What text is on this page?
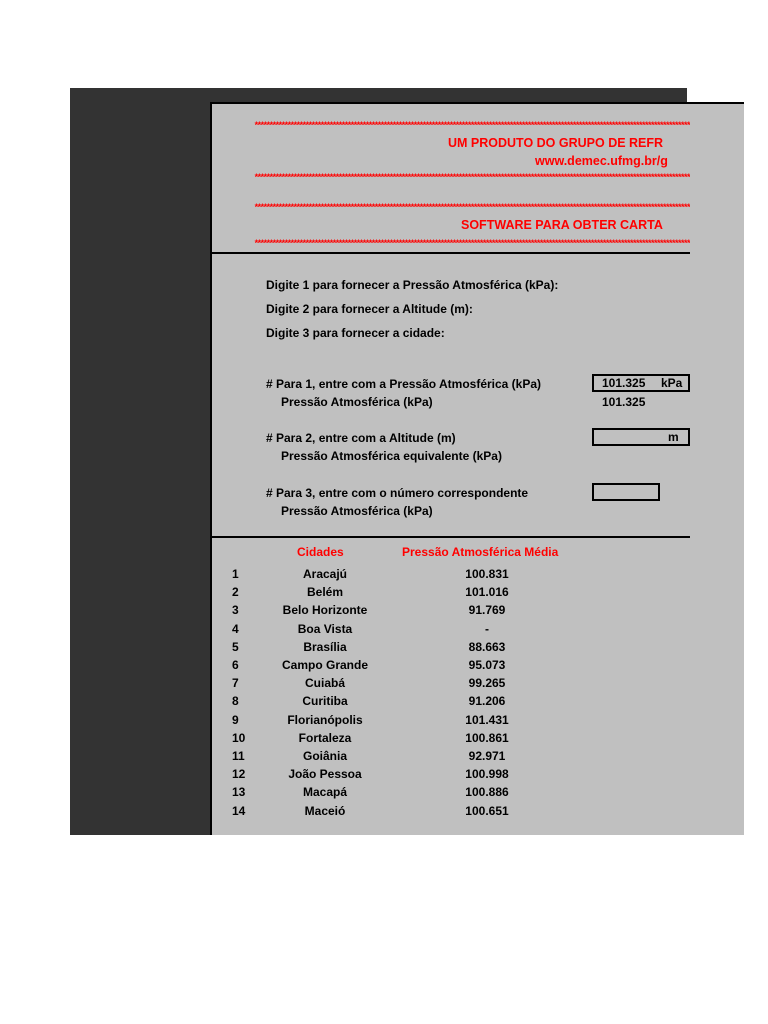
*************************************************************************************************************************************************
UM PRODUTO DO GRUPO DE REFR
www.demec.ufmg.br/g
*************************************************************************************************************************************************
*************************************************************************************************************************************************
SOFTWARE PARA OBTER CARTA
*************************************************************************************************************************************************
Digite 1 para fornecer a Pressão Atmosférica (kPa):
Digite 2 para fornecer a Altitude (m):
Digite 3 para fornecer a cidade:
# Para 1, entre com a Pressão Atmosférica (kPa)
Pressão Atmosférica (kPa)
101.325 kPa
101.325
# Para 2, entre com a Altitude (m)
Pressão Atmosférica equivalente (kPa)
m
# Para 3, entre com o número correspondente
Pressão Atmosférica (kPa)
Cidades	Pressão Atmosférica Média
1	Aracajú	100.831
2	Belém	101.016
3	Belo Horizonte	91.769
4	Boa Vista	-
5	Brasília	88.663
6	Campo Grande	95.073
7	Cuiabá	99.265
8	Curitiba	91.206
9	Florianópolis	101.431
10	Fortaleza	100.861
11	Goiânia	92.971
12	João Pessoa	100.998
13	Macapá	100.886
14	Maceió	100.651
